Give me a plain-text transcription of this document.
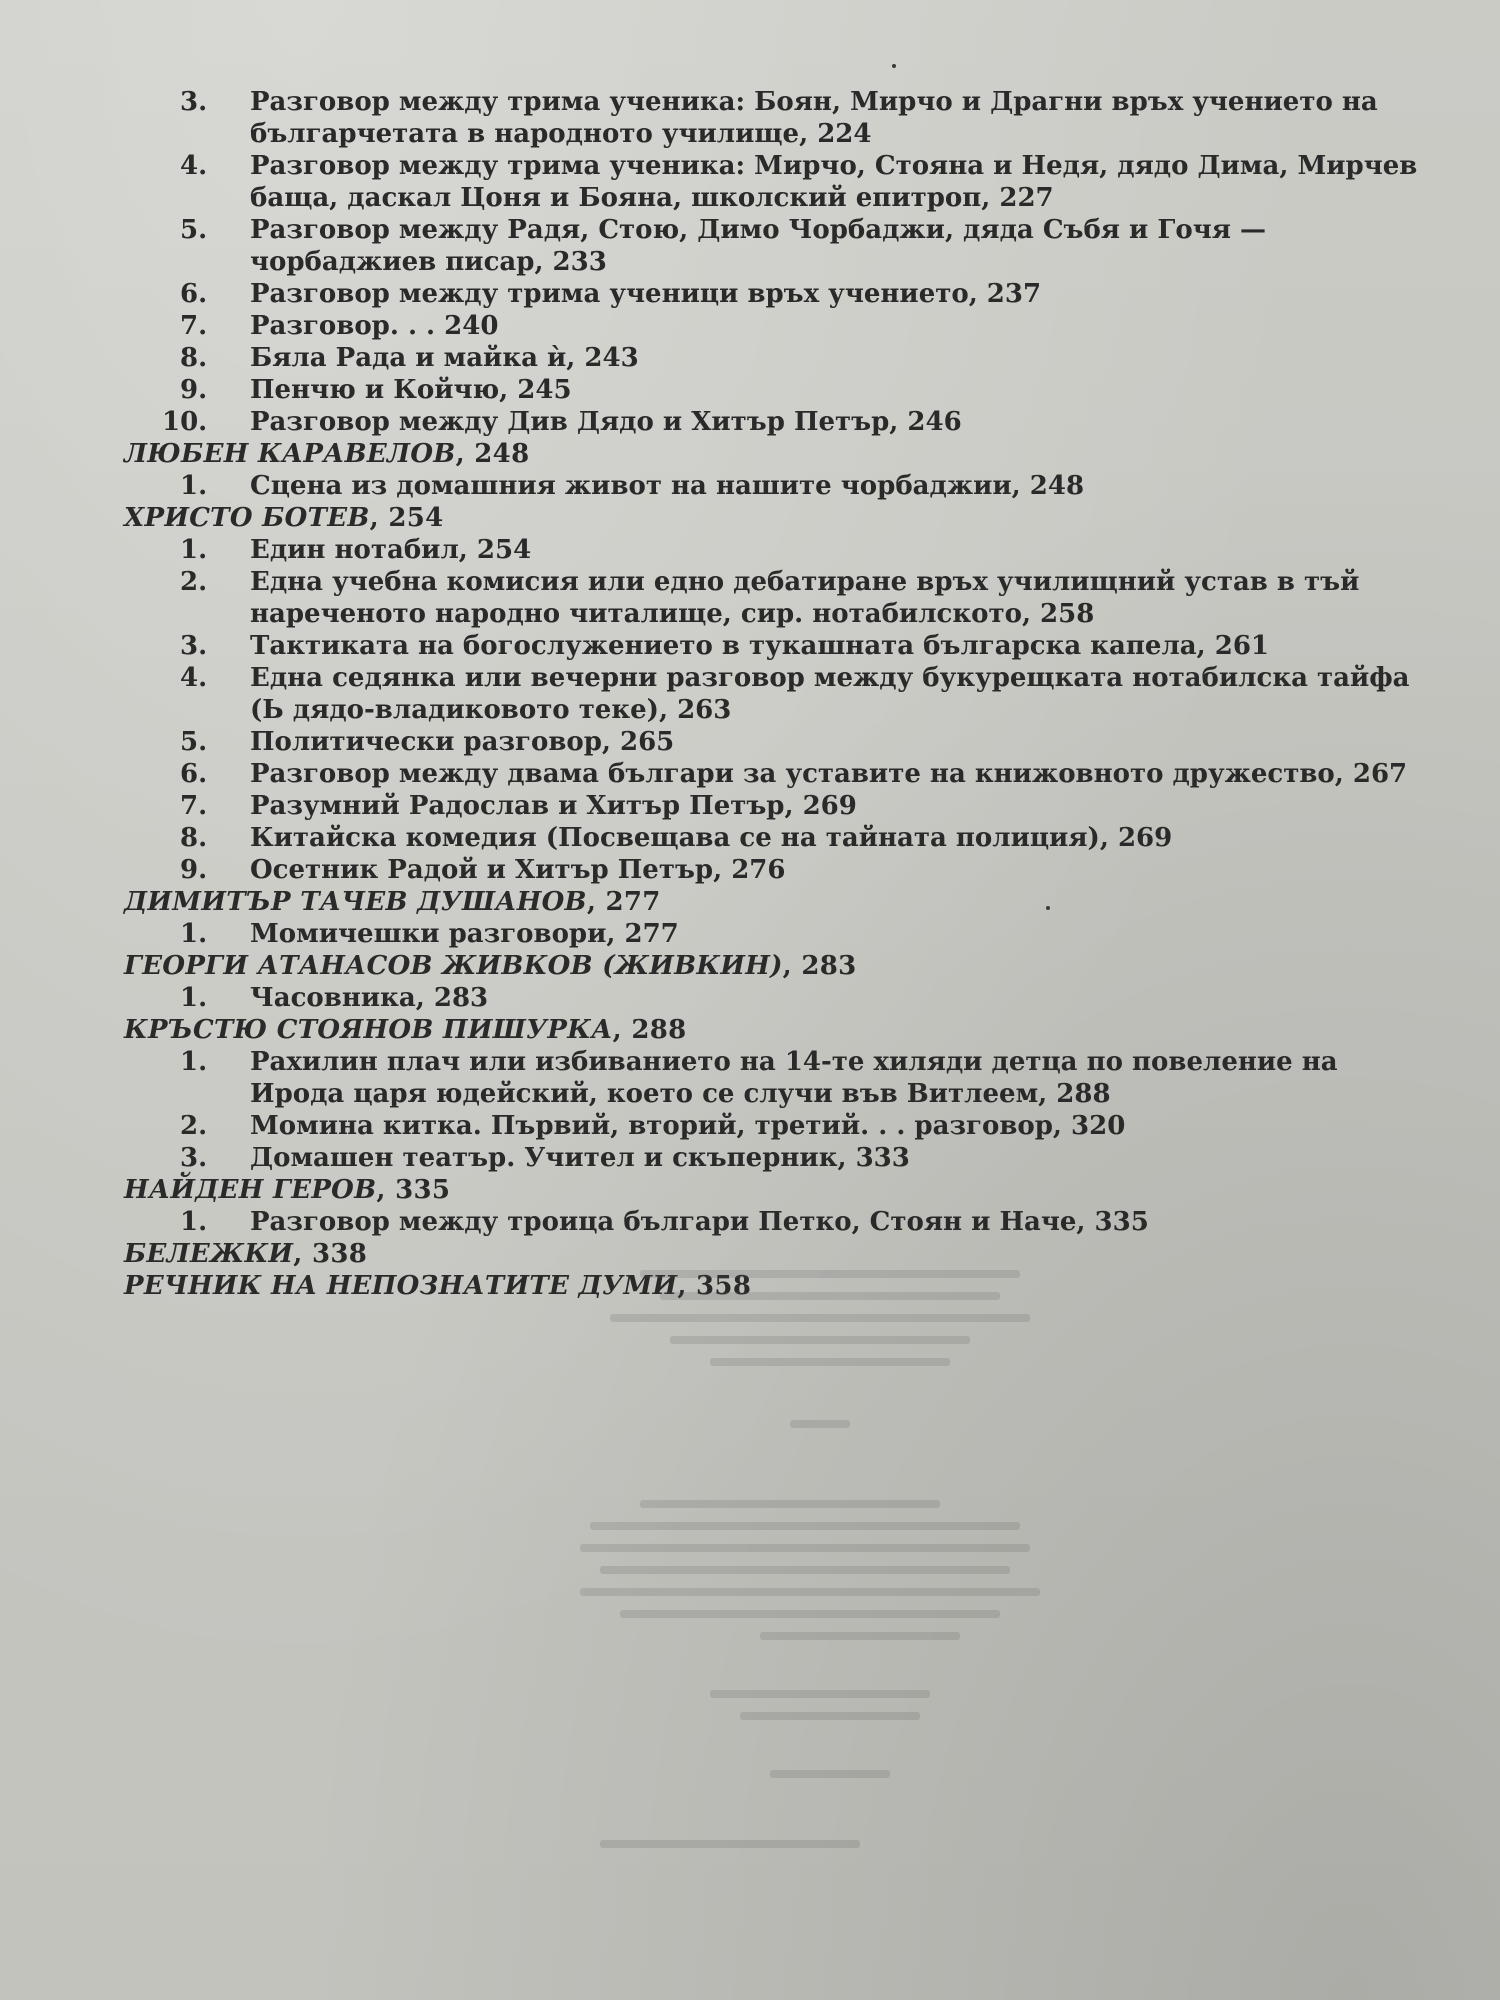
3.	Разговор между трима ученика: Боян, Мирчо и Драгни връх учението на българчетата в народното училище, 224
4.	Разговор между трима ученика: Мирчо, Стояна и Недя, дядо Дима, Мирчев баща, даскал Цоня и Бояна, школский епитроп, 227
5.	Разговор между Радя, Стою, Димо Чорбаджи, дяда Събя и Гочя — чорбаджиев писар, 233
6.	Разговор между трима ученици връх учението, 237
7.	Разговор. . . 240
8.	Бяла Рада и майка ѝ, 243
9.	Пенчю и Койчю, 245
10.	Разговор между Див Дядо и Хитър Петър, 246
ЛЮБЕН КАРАВЕЛОВ, 248
1.	Сцена из домашния живот на нашите чорбаджии, 248
ХРИСТО БОТЕВ, 254
1.	Един нотабил, 254
2.	Една учебна комисия или едно дебатиране връх училищний устав в тъй нареченото народно читалище, сир. нотабилското, 258
3.	Тактиката на богослужението в тукашната българска капела, 261
4.	Една седянка или вечерни разговор между букурещката нотабилска тайфа (Ь дядо-владиковото теке), 263
5.	Политически разговор, 265
6.	Разговор между двама българи за уставите на книжовното дружество, 267
7.	Разумний Радослав и Хитър Петър, 269
8.	Китайска комедия (Посвещава се на тайната полиция), 269
9.	Осетник Радой и Хитър Петър, 276
ДИМИТЪР ТАЧЕВ ДУШАНОВ, 277
1.	Момичешки разговори, 277
ГЕОРГИ АТАНАСОВ ЖИВКОВ (ЖИВКИН), 283
1.	Часовника, 283
КРЪСТЮ СТОЯНОВ ПИШУРКА, 288
1.	Рахилин плач или избиванието на 14-те хиляди детца по повеление на Ирода царя юдейский, което се случи във Витлеем, 288
2.	Момина китка. Първий, вторий, третий. . . разговор, 320
3.	Домашен театър. Учител и скъперник, 333
НАЙДЕН ГЕРОВ, 335
1.	Разговор между троица българи Петко, Стоян и Наче, 335
БЕЛЕЖКИ, 338
РЕЧНИК НА НЕПОЗНАТИТЕ ДУМИ, 358
